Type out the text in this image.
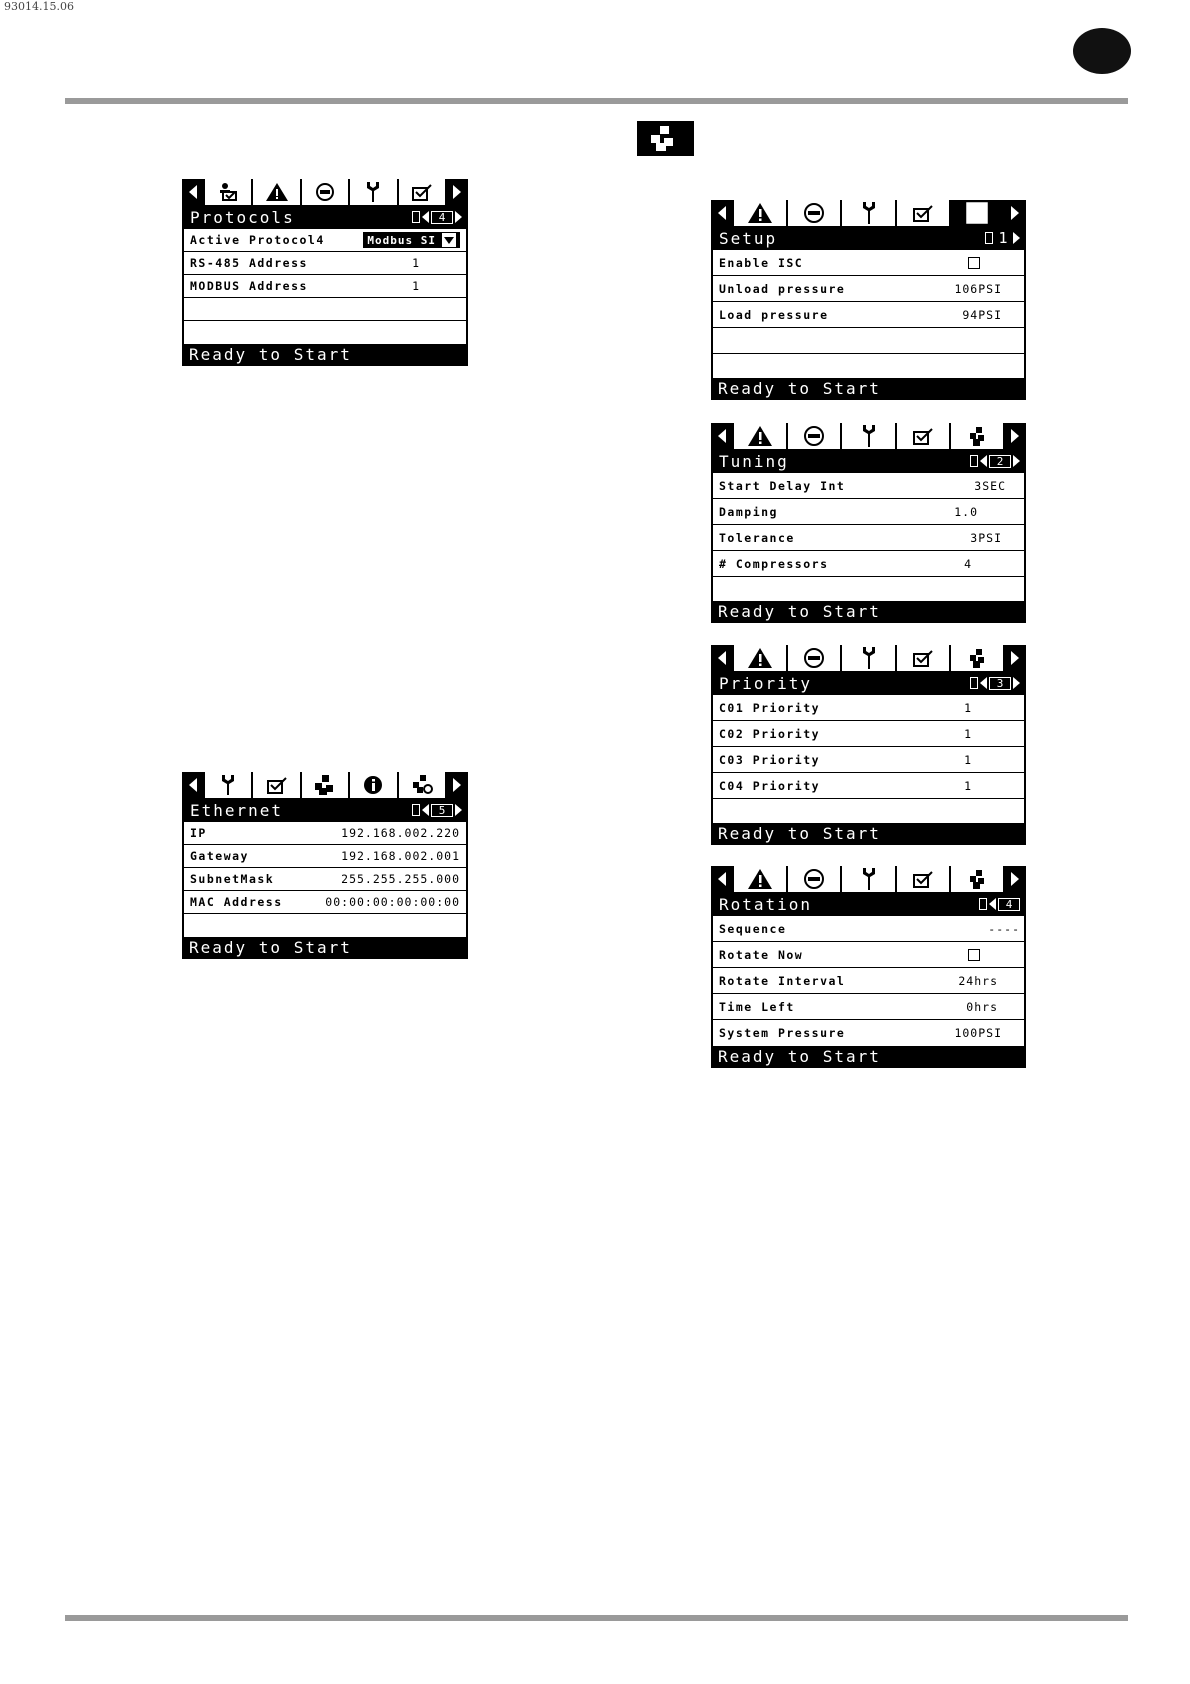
93014.15.06
Protocols	4
Active Protocol4	Modbus SI
RS-485 Address	1
MODBUS Address	1
Ready to Start
Ethernet	5
IP	192.168.002.220
Gateway	192.168.002.001
SubnetMask	255.255.255.000
MAC Address	00:00:00:00:00:00
Ready to Start
Setup	1
Enable ISC
Unload pressure	106PSI
Load pressure	94PSI
Ready to Start
Tuning	2
Start Delay Int	3SEC
Damping	1.0
Tolerance	3PSI
# Compressors	4
Ready to Start
Priority	3
C01 Priority	1
C02 Priority	1
C03 Priority	1
C04 Priority	1
Ready to Start
Rotation	4
Sequence	----
Rotate Now
Rotate Interval	24hrs
Time Left	0hrs
System Pressure	100PSI
Ready to Start
